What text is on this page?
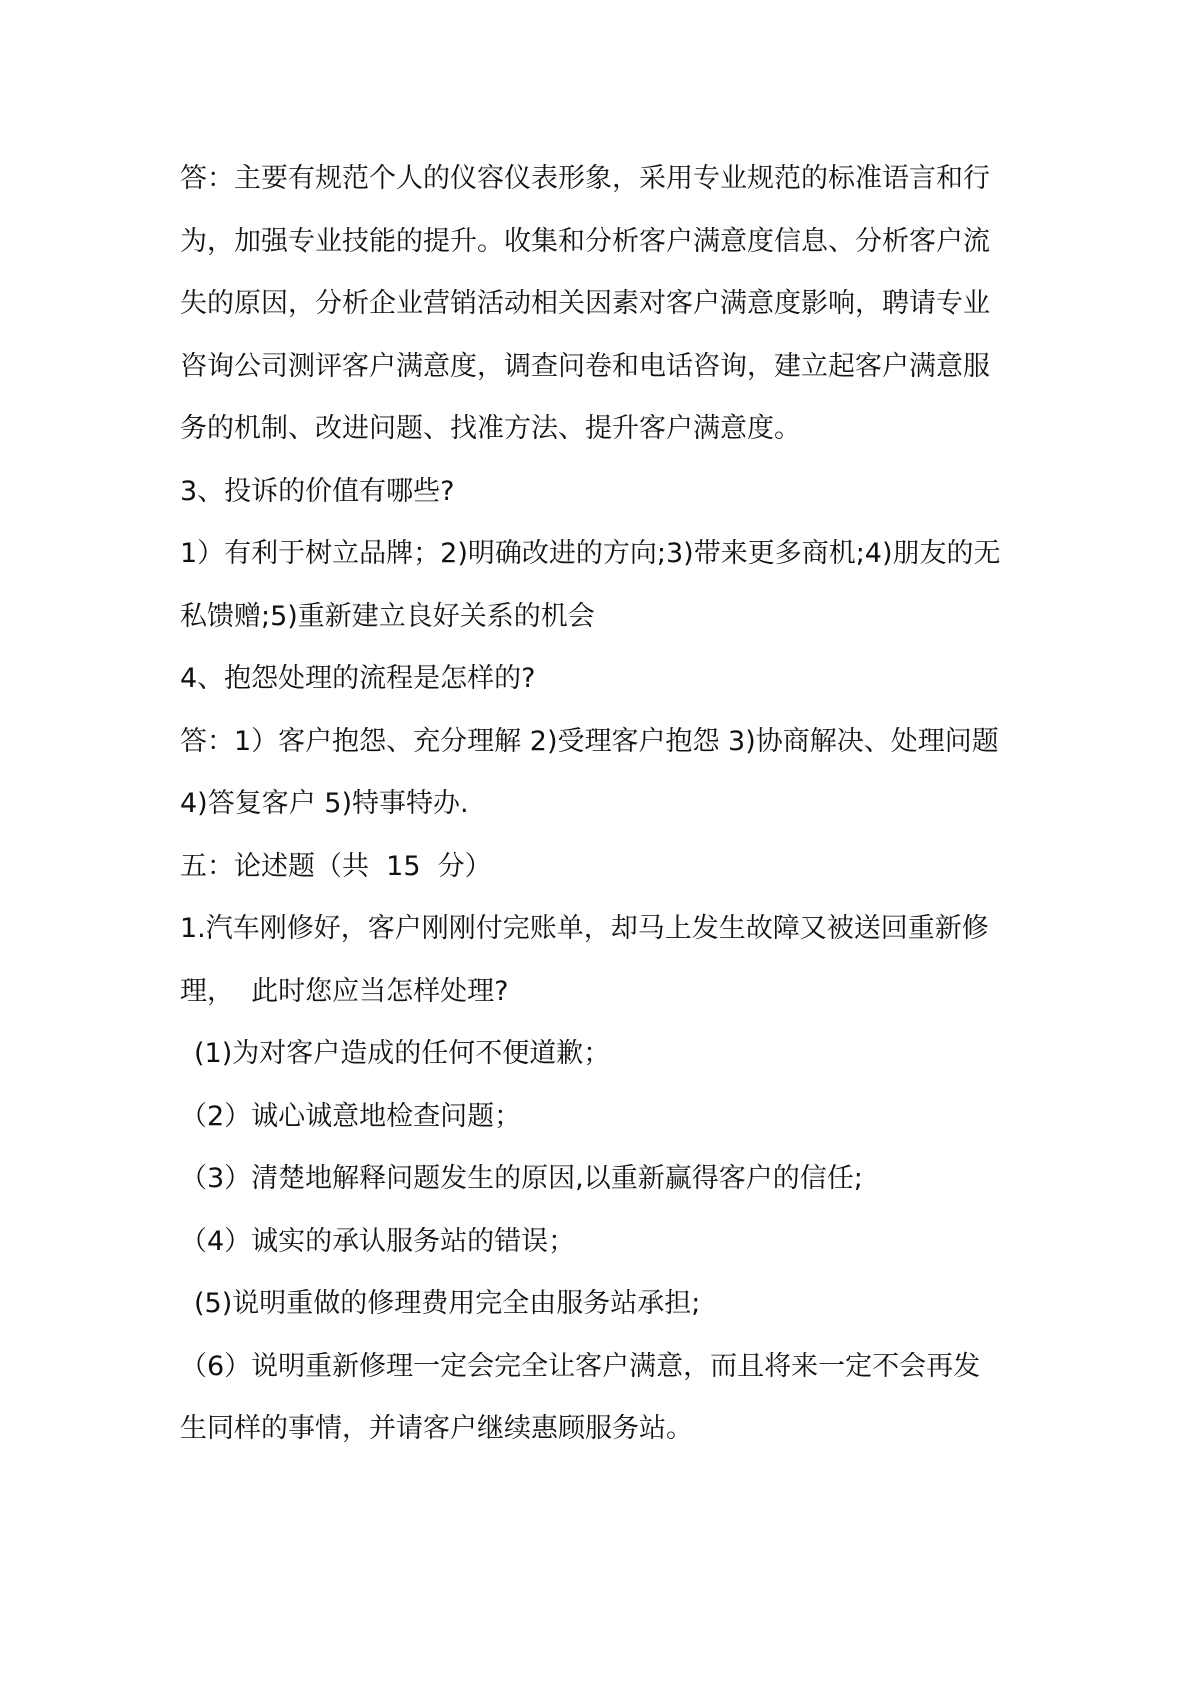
答：主要有规范个人的仪容仪表形象，采用专业规范的标准语言和行
为，加强专业技能的提升。收集和分析客户满意度信息、分析客户流
失的原因，分析企业营销活动相关因素对客户满意度影响，聘请专业
咨询公司测评客户满意度，调查问卷和电话咨询，建立起客户满意服
务的机制、改进问题、找准方法、提升客户满意度。
3、投诉的价值有哪些?
1）有利于树立品牌；2)明确改进的方向;3)带来更多商机;4)朋友的无
私馈赠;5)重新建立良好关系的机会
4、抱怨处理的流程是怎样的?
答：1）客户抱怨、充分理解 2)受理客户抱怨 3)协商解决、处理问题
4)答复客户 5)特事特办.
五：论述题（共  15  分）
1.汽车刚修好，客户刚刚付完账单，却马上发生故障又被送回重新修
理，  此时您应当怎样处理?
(1)为对客户造成的任何不便道歉；
（2）诚心诚意地检查问题；
（3）清楚地解释问题发生的原因,以重新赢得客户的信任;
（4）诚实的承认服务站的错误；
(5)说明重做的修理费用完全由服务站承担;
（6）说明重新修理一定会完全让客户满意，而且将来一定不会再发
生同样的事情，并请客户继续惠顾服务站。
